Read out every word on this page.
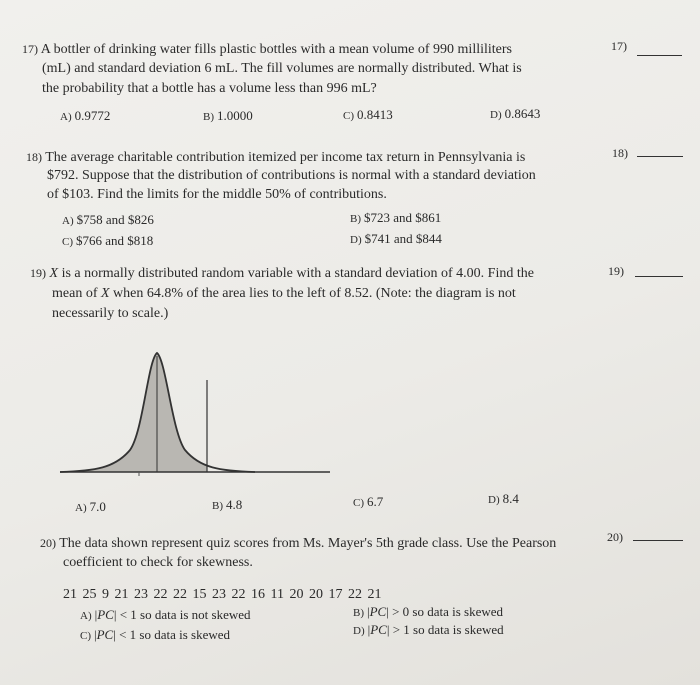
17) A bottler of drinking water fills plastic bottles with a mean volume of 990 milliliters
(mL) and standard deviation 6 mL. The fill volumes are normally distributed. What is
the probability that a bottle has a volume less than 996 mL?
17)
A) 0.9772	B) 1.0000	C) 0.8413	D) 0.8643
18) The average charitable contribution itemized per income tax return in Pennsylvania is
$792. Suppose that the distribution of contributions is normal with a standard deviation
of $103. Find the limits for the middle 50% of contributions.
18)
A) $758 and $826	B) $723 and $861
C) $766 and $818	D) $741 and $844
19) X is a normally distributed random variable with a standard deviation of 4.00. Find the
mean of X when 64.8% of the area lies to the left of 8.52. (Note: the diagram is not
necessarily to scale.)
19)
A) 7.0	B) 4.8	C) 6.7	D) 8.4
20) The data shown represent quiz scores from Ms. Mayer's 5th grade class. Use the Pearson
coefficient to check for skewness.
20)
21 25 9 21 23 22 22 15 23 22 16 11 20 20 17 22 21
A) |PC| < 1 so data is not skewed	B) |PC| > 0 so data is skewed
C) |PC| < 1 so data is skewed	D) |PC| > 1 so data is skewed
